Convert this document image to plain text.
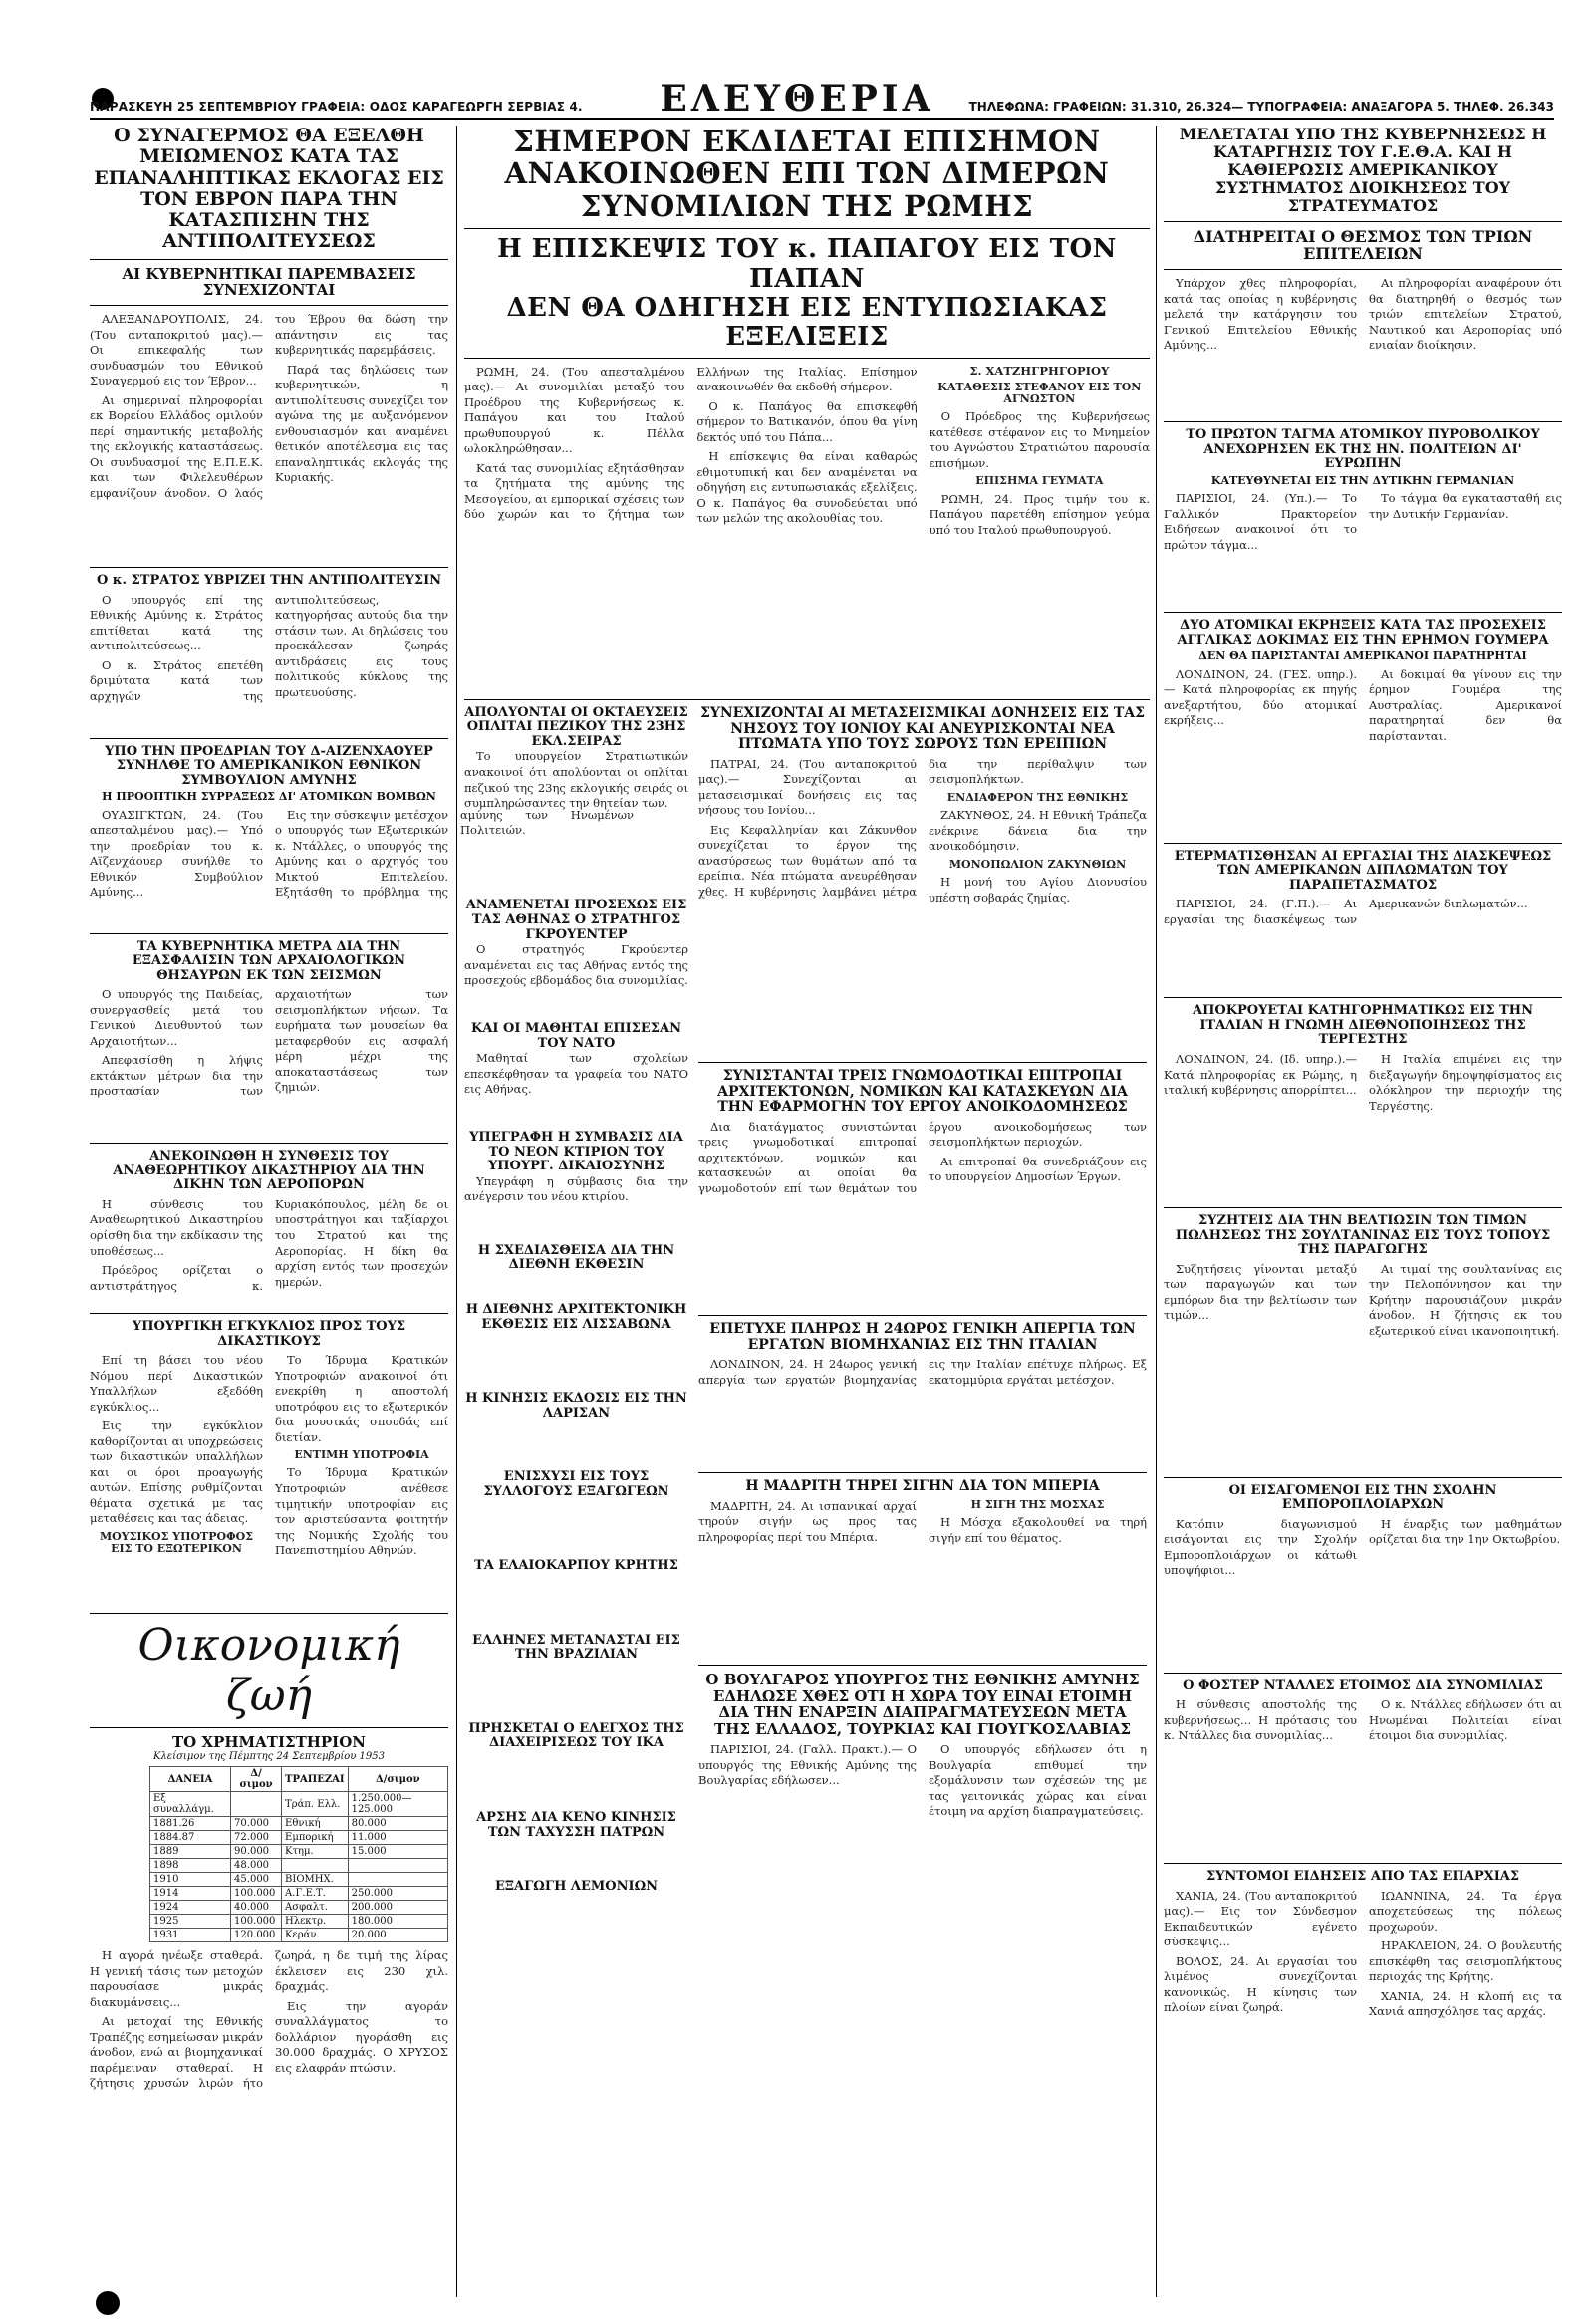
ΠΑΡΑΣΚΕΥΗ 25 ΣΕΠΤΕΜΒΡΙΟΥ ΓΡΑΦΕΙΑ: ΟΔΟΣ ΚΑΡΑΓΕΩΡΓΗ ΣΕΡΒΙΑΣ 4.	ΕΛΕΥΘΕΡΙΑ	ΤΗΛΕΦΩΝΑ: ΓΡΑΦΕΙΩΝ: 31.310, 26.324— ΤΥΠΟΓΡΑΦΕΙΑ: ΑΝΑΞΑΓΟΡΑ 5. ΤΗΛΕΦ. 26.343
Ο ΣΥΝΑΓΕΡΜΟΣ ΘΑ ΕΞΕΛΘΗ ΜΕΙΩΜΕΝΟΣ ΚΑΤΑ ΤΑΣ ΕΠΑΝΑΛΗΠΤΙΚΑΣ ΕΚΛΟΓΑΣ ΕΙΣ ΤΟΝ ΕΒΡΟΝ ΠΑΡΑ ΤΗΝ ΚΑΤΑΣΠΙΣΗΝ ΤΗΣ ΑΝΤΙΠΟΛΙΤΕΥΣΕΩΣ
ΑΙ ΚΥΒΕΡΝΗΤΙΚΑΙ ΠΑΡΕΜΒΑΣΕΙΣ ΣΥΝΕΧΙΖΟΝΤΑΙ

ΑΛΕΞΑΝΔΡΟΥΠΟΛΙΣ, 24. (Του ανταποκριτού μας).— Οι επικεφαλής των συνδυασμών του Εθνικού Συναγερμού εις τον Έβρον...

Αι σημεριναί πληροφορίαι εκ Βορείου Ελλάδος ομιλούν περί σημαντικής μεταβολής της εκλογικής καταστάσεως. Οι συνδυασμοί της Ε.Π.Ε.Κ. και των Φιλελευθέρων εμφανίζουν άνοδον. Ο λαός του Έβρου θα δώση την απάντησιν εις τας κυβερνητικάς παρεμβάσεις.

Παρά τας δηλώσεις των κυβερνητικών, η αντιπολίτευσις συνεχίζει τον αγώνα της με αυξανόμενον ενθουσιασμόν και αναμένει θετικόν αποτέλεσμα εις τας επαναληπτικάς εκλογάς της Κυριακής.

Ο κ. ΣΤΡΑΤΟΣ ΥΒΡΙΖΕΙ ΤΗΝ ΑΝΤΙΠΟΛΙΤΕΥΣΙΝ

Ο υπουργός επί της Εθνικής Αμύνης κ. Στράτος επιτίθεται κατά της αντιπολιτεύσεως...

Ο κ. Στράτος επετέθη δριμύτατα κατά των αρχηγών της αντιπολιτεύσεως, κατηγορήσας αυτούς δια την στάσιν των. Αι δηλώσεις του προεκάλεσαν ζωηράς αντιδράσεις εις τους πολιτικούς κύκλους της πρωτευούσης.

ΥΠΟ ΤΗΝ ΠΡΟΕΔΡΙΑΝ ΤΟΥ Δ-ΑΙΖΕΝΧΑΟΥΕΡ ΣΥΝΗΛΘΕ ΤΟ ΑΜΕΡΙΚΑΝΙΚΟΝ ΕΘΝΙΚΟΝ ΣΥΜΒΟΥΛΙΟΝ ΑΜΥΝΗΣ
Η ΠΡΟΟΠΤΙΚΗ ΣΥΡΡΑΞΕΩΣ ΔΙ' ΑΤΟΜΙΚΩΝ ΒΟΜΒΩΝ

ΟΥΑΣΙΓΚΤΩΝ, 24. (Του απεσταλμένου μας).— Υπό την προεδρίαν του κ. Αϊζενχάουερ συνήλθε το Εθνικόν Συμβούλιον Αμύνης...

Εις την σύσκεψιν μετέσχον ο υπουργός των Εξωτερικών κ. Ντάλλες, ο υπουργός της Αμύνης και ο αρχηγός του Μικτού Επιτελείου. Εξητάσθη το πρόβλημα της αμύνης των Ηνωμένων Πολιτειών.

ΤΑ ΚΥΒΕΡΝΗΤΙΚΑ ΜΕΤΡΑ ΔΙΑ ΤΗΝ ΕΞΑΣΦΑΛΙΣΙΝ ΤΩΝ ΑΡΧΑΙΟΛΟΓΙΚΩΝ ΘΗΣΑΥΡΩΝ ΕΚ ΤΩΝ ΣΕΙΣΜΩΝ

Ο υπουργός της Παιδείας, συνεργασθείς μετά του Γενικού Διευθυντού των Αρχαιοτήτων...

Απεφασίσθη η λήψις εκτάκτων μέτρων δια την προστασίαν των αρχαιοτήτων των σεισμοπλήκτων νήσων. Τα ευρήματα των μουσείων θα μεταφερθούν εις ασφαλή μέρη μέχρι της αποκαταστάσεως των ζημιών.

ΑΝΕΚΟΙΝΩΘΗ Η ΣΥΝΘΕΣΙΣ ΤΟΥ ΑΝΑΘΕΩΡΗΤΙΚΟΥ ΔΙΚΑΣΤΗΡΙΟΥ ΔΙΑ ΤΗΝ ΔΙΚΗΝ ΤΩΝ ΑΕΡΟΠΟΡΩΝ

Η σύνθεσις του Αναθεωρητικού Δικαστηρίου ορίσθη δια την εκδίκασιν της υποθέσεως...

Πρόεδρος ορίζεται ο αντιστράτηγος κ. Κυριακόπουλος, μέλη δε οι υποστράτηγοι και ταξίαρχοι του Στρατού και της Αεροπορίας. Η δίκη θα αρχίση εντός των προσεχών ημερών.

ΥΠΟΥΡΓΙΚΗ ΕΓΚΥΚΛΙΟΣ ΠΡΟΣ ΤΟΥΣ ΔΙΚΑΣΤΙΚΟΥΣ

Επί τη βάσει του νέου Νόμου περί Δικαστικών Υπαλλήλων εξεδόθη εγκύκλιος...

Εις την εγκύκλιον καθορίζονται αι υποχρεώσεις των δικαστικών υπαλλήλων και οι όροι προαγωγής αυτών. Επίσης ρυθμίζονται θέματα σχετικά με τας μεταθέσεις και τας άδειας.

ΜΟΥΣΙΚΟΣ ΥΠΟΤΡΟΦΟΣ ΕΙΣ ΤΟ ΕΞΩΤΕΡΙΚΟΝ

Το Ίδρυμα Κρατικών Υποτροφιών ανακοινοί ότι ενεκρίθη η αποστολή υποτρόφου εις το εξωτερικόν δια μουσικάς σπουδάς επί διετίαν.

ΕΝΤΙΜΗ ΥΠΟΤΡΟΦΙΑ

Το Ίδρυμα Κρατικών Υποτροφιών ανέθεσε τιμητικήν υποτροφίαν εις τον αριστεύσαντα φοιτητήν της Νομικής Σχολής του Πανεπιστημίου Αθηνών.

Οικονομική ζωή
ΤΟ ΧΡΗΜΑΤΙΣΤΗΡΙΟΝ
Κλείσιμον της Πέμπτης 24 Σεπτεμβρίου 1953
ΔΑΝΕΙΑ	Δ/σιμον	ΤΡΑΠΕΖΑΙ	Δ/σιμον
Εξ συναλλάγμ.		Τράπ. Ελλ.	1.250.000—125.000
1881.26	70.000	Εθνική	80.000
1884.87	72.000	Εμπορική	11.000
1889	90.000	Κτημ.	15.000
1898	48.000		
1910	45.000	ΒΙΟΜΗΧ.	
1914	100.000	Α.Γ.Ε.Τ.	250.000
1924	40.000	Ασφαλτ.	200.000
1925	100.000	Ηλεκτρ.	180.000
1931	120.000	Κεράν.	20.000

Η αγορά ηνέωξε σταθερά. Η γενική τάσις των μετοχών παρουσίασε μικράς διακυμάνσεις...

Αι μετοχαί της Εθνικής Τραπέζης εσημείωσαν μικράν άνοδον, ενώ αι βιομηχανικαί παρέμειναν σταθεραί. Η ζήτησις χρυσών λιρών ήτο ζωηρά, η δε τιμή της λίρας έκλεισεν εις 230 χιλ. δραχμάς.

Εις την αγοράν συναλλάγματος το δολλάριον ηγοράσθη εις 30.000 δραχμάς. Ο ΧΡΥΣΟΣ εις ελαφράν πτώσιν.

ΣΗΜΕΡΟΝ ΕΚΔΙΔΕΤΑΙ ΕΠΙΣΗΜΟΝ ΑΝΑΚΟΙΝΩΘΕΝ ΕΠΙ ΤΩΝ ΔΙΜΕΡΩΝ ΣΥΝΟΜΙΛΙΩΝ ΤΗΣ ΡΩΜΗΣ
Η ΕΠΙΣΚΕΨΙΣ ΤΟΥ κ. ΠΑΠΑΓΟΥ ΕΙΣ ΤΟΝ ΠΑΠΑΝ
ΔΕΝ ΘΑ ΟΔΗΓΗΣΗ ΕΙΣ ΕΝΤΥΠΩΣΙΑΚΑΣ ΕΞΕΛΙΞΕΙΣ

ΡΩΜΗ, 24. (Του απεσταλμένου μας).— Αι συνομιλίαι μεταξύ του Προέδρου της Κυβερνήσεως κ. Παπάγου και του Ιταλού πρωθυπουργού κ. Πέλλα ωλοκληρώθησαν...

Κατά τας συνομιλίας εξητάσθησαν τα ζητήματα της αμύνης της Μεσογείου, αι εμπορικαί σχέσεις των δύο χωρών και το ζήτημα των Ελλήνων της Ιταλίας. Επίσημον ανακοινωθέν θα εκδοθή σήμερον.

Ο κ. Παπάγος θα επισκεφθή σήμερον το Βατικανόν, όπου θα γίνη δεκτός υπό του Πάπα...

Η επίσκεψις θα είναι καθαρώς εθιμοτυπική και δεν αναμένεται να οδηγήση εις εντυπωσιακάς εξελίξεις. Ο κ. Παπάγος θα συνοδεύεται υπό των μελών της ακολουθίας του.

Σ. ΧΑΤΖΗΓΡΗΓΟΡΙΟΥ

ΚΑΤΑΘΕΣΙΣ ΣΤΕΦΑΝΟΥ ΕΙΣ ΤΟΝ ΑΓΝΩΣΤΟΝ

Ο Πρόεδρος της Κυβερνήσεως κατέθεσε στέφανον εις το Μνημείον του Αγνώστου Στρατιώτου παρουσία επισήμων.

ΕΠΙΣΗΜΑ ΓΕΥΜΑΤΑ

ΡΩΜΗ, 24. Προς τιμήν του κ. Παπάγου παρετέθη επίσημον γεύμα υπό του Ιταλού πρωθυπουργού.

ΑΠΟΛΥΟΝΤΑΙ ΟΙ ΟΚΤΑΕΥΣΕΙΣ ΟΠΛΙΤΑΙ ΠΕΖΙΚΟΥ ΤΗΣ 23ΗΣ ΕΚΛ.ΣΕΙΡΑΣ

Το υπουργείον Στρατιωτικών ανακοινοί ότι απολύονται οι οπλίται πεζικού της 23ης εκλογικής σειράς οι συμπληρώσαντες την θητείαν των.

ΑΝΑΜΕΝΕΤΑΙ ΠΡΟΣΕΧΩΣ ΕΙΣ ΤΑΣ ΑΘΗΝΑΣ Ο ΣΤΡΑΤΗΓΟΣ ΓΚΡΟΥΕΝΤΕΡ

Ο στρατηγός Γκρούεντερ αναμένεται εις τας Αθήνας εντός της προσεχούς εβδομάδος δια συνομιλίας.

ΚΑΙ ΟΙ ΜΑΘΗΤΑΙ ΕΠΙΣΕΣΑΝ ΤΟΥ ΝΑΤΟ

Μαθηταί των σχολείων επεσκέφθησαν τα γραφεία του ΝΑΤΟ εις Αθήνας.

ΥΠΕΓΡΑΦΗ Η ΣΥΜΒΑΣΙΣ ΔΙΑ ΤΟ ΝΕΟΝ ΚΤΙΡΙΟΝ ΤΟΥ ΥΠΟΥΡΓ. ΔΙΚΑΙΟΣΥΝΗΣ

Υπεγράφη η σύμβασις δια την ανέγερσιν του νέου κτιρίου.

Η ΣΧΕΔΙΑΣΘΕΙΣΑ ΔΙΑ ΤΗΝ ΔΙΕΘΝΗ ΕΚΘΕΣΙΝ
Η ΔΙΕΘΝΗΣ ΑΡΧΙΤΕΚΤΟΝΙΚΗ ΕΚΘΕΣΙΣ ΕΙΣ ΛΙΣΣΑΒΩΝΑ
Η ΚΙΝΗΣΙΣ ΕΚΔΟΣΙΣ ΕΙΣ ΤΗΝ ΛΑΡΙΣΑΝ
ΕΝΙΣΧΥΣΙ ΕΙΣ ΤΟΥΣ ΣΥΛΛΟΓΟΥΣ ΕΞΑΓΩΓΕΩΝ
ΤΑ ΕΛΑΙΟΚΑΡΠΟΥ ΚΡΗΤΗΣ
ΕΛΛΗΝΕΣ ΜΕΤΑΝΑΣΤΑΙ ΕΙΣ ΤΗΝ ΒΡΑΖΙΛΙΑΝ
ΠΡΗΣΚΕΤΑΙ Ο ΕΛΕΓΧΟΣ ΤΗΣ ΔΙΑΧΕΙΡΙΣΕΩΣ ΤΟΥ ΙΚΑ
ΑΡΣΗΣ ΔΙΑ ΚΕΝΟ ΚΙΝΗΣΙΣ ΤΩΝ ΤΑΧΥΣΣΗ ΠΑΤΡΩΝ
ΕΞΑΓΩΓΗ ΛΕΜΟΝΙΩΝ
ΣΥΝΕΧΙΖΟΝΤΑΙ ΑΙ ΜΕΤΑΣΕΙΣΜΙΚΑΙ ΔΟΝΗΣΕΙΣ ΕΙΣ ΤΑΣ ΝΗΣΟΥΣ ΤΟΥ ΙΟΝΙΟΥ ΚΑΙ ΑΝΕΥΡΙΣΚΟΝΤΑΙ ΝΕΑ ΠΤΩΜΑΤΑ ΥΠΟ ΤΟΥΣ ΣΩΡΟΥΣ ΤΩΝ ΕΡΕΙΠΙΩΝ

ΠΑΤΡΑΙ, 24. (Του ανταποκριτού μας).— Συνεχίζονται αι μετασεισμικαί δονήσεις εις τας νήσους του Ιονίου...

Εις Κεφαλληνίαν και Ζάκυνθον συνεχίζεται το έργον της ανασύρσεως των θυμάτων από τα ερείπια. Νέα πτώματα ανευρέθησαν χθες. Η κυβέρνησις λαμβάνει μέτρα δια την περίθαλψιν των σεισμοπλήκτων.

ΕΝΔΙΑΦΕΡΟΝ ΤΗΣ ΕΘΝΙΚΗΣ

ΖΑΚΥΝΘΟΣ, 24. Η Εθνική Τράπεζα ενέκρινε δάνεια δια την ανοικοδόμησιν.

ΜΟΝΟΠΩΛΙΟΝ ΖΑΚΥΝΘΙΩΝ

Η μονή του Αγίου Διονυσίου υπέστη σοβαράς ζημίας.

ΣΥΝΙΣΤΑΝΤΑΙ ΤΡΕΙΣ ΓΝΩΜΟΔΟΤΙΚΑΙ ΕΠΙΤΡΟΠΑΙ ΑΡΧΙΤΕΚΤΟΝΩΝ, ΝΟΜΙΚΩΝ ΚΑΙ ΚΑΤΑΣΚΕΥΩΝ ΔΙΑ ΤΗΝ ΕΦΑΡΜΟΓΗΝ ΤΟΥ ΕΡΓΟΥ ΑΝΟΙΚΟΔΟΜΗΣΕΩΣ

Δια διατάγματος συνιστώνται τρεις γνωμοδοτικαί επιτροπαί αρχιτεκτόνων, νομικών και κατασκευών αι οποίαι θα γνωμοδοτούν επί των θεμάτων του έργου ανοικοδομήσεως των σεισμοπλήκτων περιοχών.

Αι επιτροπαί θα συνεδριάζουν εις το υπουργείον Δημοσίων Έργων.

ΕΠΕΤΥΧΕ ΠΛΗΡΩΣ Η 24ΩΡΟΣ ΓΕΝΙΚΗ ΑΠΕΡΓΙΑ ΤΩΝ ΕΡΓΑΤΩΝ ΒΙΟΜΗΧΑΝΙΑΣ ΕΙΣ ΤΗΝ ΙΤΑΛΙΑΝ

ΛΟΝΔΙΝΟΝ, 24. Η 24ωρος γενική απεργία των εργατών βιομηχανίας εις την Ιταλίαν επέτυχε πλήρως. Εξ εκατομμύρια εργάται μετέσχον.

Η ΜΑΔΡΙΤΗ ΤΗΡΕΙ ΣΙΓΗΝ ΔΙΑ ΤΟΝ ΜΠΕΡΙΑ

ΜΑΔΡΙΤΗ, 24. Αι ισπανικαί αρχαί τηρούν σιγήν ως προς τας πληροφορίας περί του Μπέρια.

Η ΣΙΓΗ ΤΗΣ ΜΟΣΧΑΣ

Η Μόσχα εξακολουθεί να τηρή σιγήν επί του θέματος.

Ο ΒΟΥΛΓΑΡΟΣ ΥΠΟΥΡΓΟΣ ΤΗΣ ΕΘΝΙΚΗΣ ΑΜΥΝΗΣ ΕΔΗΛΩΣΕ ΧΘΕΣ ΟΤΙ Η ΧΩΡΑ ΤΟΥ ΕΙΝΑΙ ΕΤΟΙΜΗ ΔΙΑ ΤΗΝ ΕΝΑΡΞΙΝ ΔΙΑΠΡΑΓΜΑΤΕΥΣΕΩΝ ΜΕΤΑ ΤΗΣ ΕΛΛΑΔΟΣ, ΤΟΥΡΚΙΑΣ ΚΑΙ ΓΙΟΥΓΚΟΣΛΑΒΙΑΣ

ΠΑΡΙΣΙΟΙ, 24. (Γαλλ. Πρακτ.).— Ο υπουργός της Εθνικής Αμύνης της Βουλγαρίας εδήλωσεν...

Ο υπουργός εδήλωσεν ότι η Βουλγαρία επιθυμεί την εξομάλυνσιν των σχέσεών της με τας γειτονικάς χώρας και είναι έτοιμη να αρχίση διαπραγματεύσεις.

ΜΕΛΕΤΑΤΑΙ ΥΠΟ ΤΗΣ ΚΥΒΕΡΝΗΣΕΩΣ Η ΚΑΤΑΡΓΗΣΙΣ ΤΟΥ Γ.Ε.Θ.Α. ΚΑΙ Η ΚΑΘΙΕΡΩΣΙΣ ΑΜΕΡΙΚΑΝΙΚΟΥ ΣΥΣΤΗΜΑΤΟΣ ΔΙΟΙΚΗΣΕΩΣ ΤΟΥ ΣΤΡΑΤΕΥΜΑΤΟΣ
ΔΙΑΤΗΡΕΙΤΑΙ Ο ΘΕΣΜΟΣ ΤΩΝ ΤΡΙΩΝ ΕΠΙΤΕΛΕΙΩΝ

Υπάρχον χθες πληροφορίαι, κατά τας οποίας η κυβέρνησις μελετά την κατάργησιν του Γενικού Επιτελείου Εθνικής Αμύνης...

Αι πληροφορίαι αναφέρουν ότι θα διατηρηθή ο θεσμός των τριών επιτελείων Στρατού, Ναυτικού και Αεροπορίας υπό ενιαίαν διοίκησιν.

ΤΟ ΠΡΩΤΟΝ ΤΑΓΜΑ ΑΤΟΜΙΚΟΥ ΠΥΡΟΒΟΛΙΚΟΥ ΑΝΕΧΩΡΗΣΕΝ ΕΚ ΤΗΣ ΗΝ. ΠΟΛΙΤΕΙΩΝ ΔΙ' ΕΥΡΩΠΗΝ
ΚΑΤΕΥΘΥΝΕΤΑΙ ΕΙΣ ΤΗΝ ΔΥΤΙΚΗΝ ΓΕΡΜΑΝΙΑΝ

ΠΑΡΙΣΙΟΙ, 24. (Υπ.).— Το Γαλλικόν Πρακτορείον Ειδήσεων ανακοινοί ότι το πρώτον τάγμα...

Το τάγμα θα εγκατασταθή εις την Δυτικήν Γερμανίαν.

ΔΥΟ ΑΤΟΜΙΚΑΙ ΕΚΡΗΞΕΙΣ ΚΑΤΑ ΤΑΣ ΠΡΟΣΕΧΕΙΣ ΑΓΓΛΙΚΑΣ ΔΟΚΙΜΑΣ ΕΙΣ ΤΗΝ ΕΡΗΜΟΝ ΓΟΥΜΕΡΑ
ΔΕΝ ΘΑ ΠΑΡΙΣΤΑΝΤΑΙ ΑΜΕΡΙΚΑΝΟΙ ΠΑΡΑΤΗΡΗΤΑΙ

ΛΟΝΔΙΝΟΝ, 24. (ΓΕΣ. υπηρ.).— Κατά πληροφορίας εκ πηγής ανεξαρτήτου, δύο ατομικαί εκρήξεις...

Αι δοκιμαί θα γίνουν εις την έρημον Γουμέρα της Αυστραλίας. Αμερικανοί παρατηρηταί δεν θα παρίστανται.

ΕΤΕΡΜΑΤΙΣΘΗΣΑΝ ΑΙ ΕΡΓΑΣΙΑΙ ΤΗΣ ΔΙΑΣΚΕΨΕΩΣ ΤΩΝ ΑΜΕΡΙΚΑΝΩΝ ΔΙΠΛΩΜΑΤΩΝ ΤΟΥ ΠΑΡΑΠΕΤΑΣΜΑΤΟΣ

ΠΑΡΙΣΙΟΙ, 24. (Γ.Π.).— Αι εργασίαι της διασκέψεως των Αμερικανών διπλωματών...

ΑΠΟΚΡΟΥΕΤΑΙ ΚΑΤΗΓΟΡΗΜΑΤΙΚΩΣ ΕΙΣ ΤΗΝ ΙΤΑΛΙΑΝ Η ΓΝΩΜΗ ΔΙΕΘΝΟΠΟΙΗΣΕΩΣ ΤΗΣ ΤΕΡΓΕΣΤΗΣ

ΛΟΝΔΙΝΟΝ, 24. (Ιδ. υπηρ.).— Κατά πληροφορίας εκ Ρώμης, η ιταλική κυβέρνησις απορρίπτει...

Η Ιταλία επιμένει εις την διεξαγωγήν δημοψηφίσματος εις ολόκληρον την περιοχήν της Τεργέστης.

ΣΥΖΗΤΕΙΣ ΔΙΑ ΤΗΝ ΒΕΛΤΙΩΣΙΝ ΤΩΝ ΤΙΜΩΝ ΠΩΛΗΣΕΩΣ ΤΗΣ ΣΟΥΛΤΑΝΙΝΑΣ ΕΙΣ ΤΟΥΣ ΤΟΠΟΥΣ ΤΗΣ ΠΑΡΑΓΩΓΗΣ

Συζητήσεις γίνονται μεταξύ των παραγωγών και των εμπόρων δια την βελτίωσιν των τιμών...

Αι τιμαί της σουλτανίνας εις την Πελοπόννησον και την Κρήτην παρουσιάζουν μικράν άνοδον. Η ζήτησις εκ του εξωτερικού είναι ικανοποιητική.

ΟΙ ΕΙΣΑΓΟΜΕΝΟΙ ΕΙΣ ΤΗΝ ΣΧΟΛΗΝ ΕΜΠΟΡΟΠΛΟΙΑΡΧΩΝ

Κατόπιν διαγωνισμού εισάγονται εις την Σχολήν Εμποροπλοιάρχων οι κάτωθι υποψήφιοι...

Η έναρξις των μαθημάτων ορίζεται δια την 1ην Οκτωβρίου.

Ο ΦΟΣΤΕΡ ΝΤΑΛΛΕΣ ΕΤΟΙΜΟΣ ΔΙΑ ΣΥΝΟΜΙΛΙΑΣ

Η σύνθεσις αποστολής της κυβερνήσεως... Η πρότασις του κ. Ντάλλες δια συνομιλίας...

Ο κ. Ντάλλες εδήλωσεν ότι αι Ηνωμέναι Πολιτείαι είναι έτοιμοι δια συνομιλίας.

ΣΥΝΤΟΜΟΙ ΕΙΔΗΣΕΙΣ ΑΠΟ ΤΑΣ ΕΠΑΡΧΙΑΣ

ΧΑΝΙΑ, 24. (Του ανταποκριτού μας).— Εις τον Σύνδεσμον Εκπαιδευτικών εγένετο σύσκεψις...

ΒΟΛΟΣ, 24. Αι εργασίαι του λιμένος συνεχίζονται κανονικώς. Η κίνησις των πλοίων είναι ζωηρά.

ΙΩΑΝΝΙΝΑ, 24. Τα έργα αποχετεύσεως της πόλεως προχωρούν.

ΗΡΑΚΛΕΙΟΝ, 24. Ο βουλευτής επισκέφθη τας σεισμοπλήκτους περιοχάς της Κρήτης.

ΧΑΝΙΑ, 24. Η κλοπή εις τα Χανιά απησχόλησε τας αρχάς.
